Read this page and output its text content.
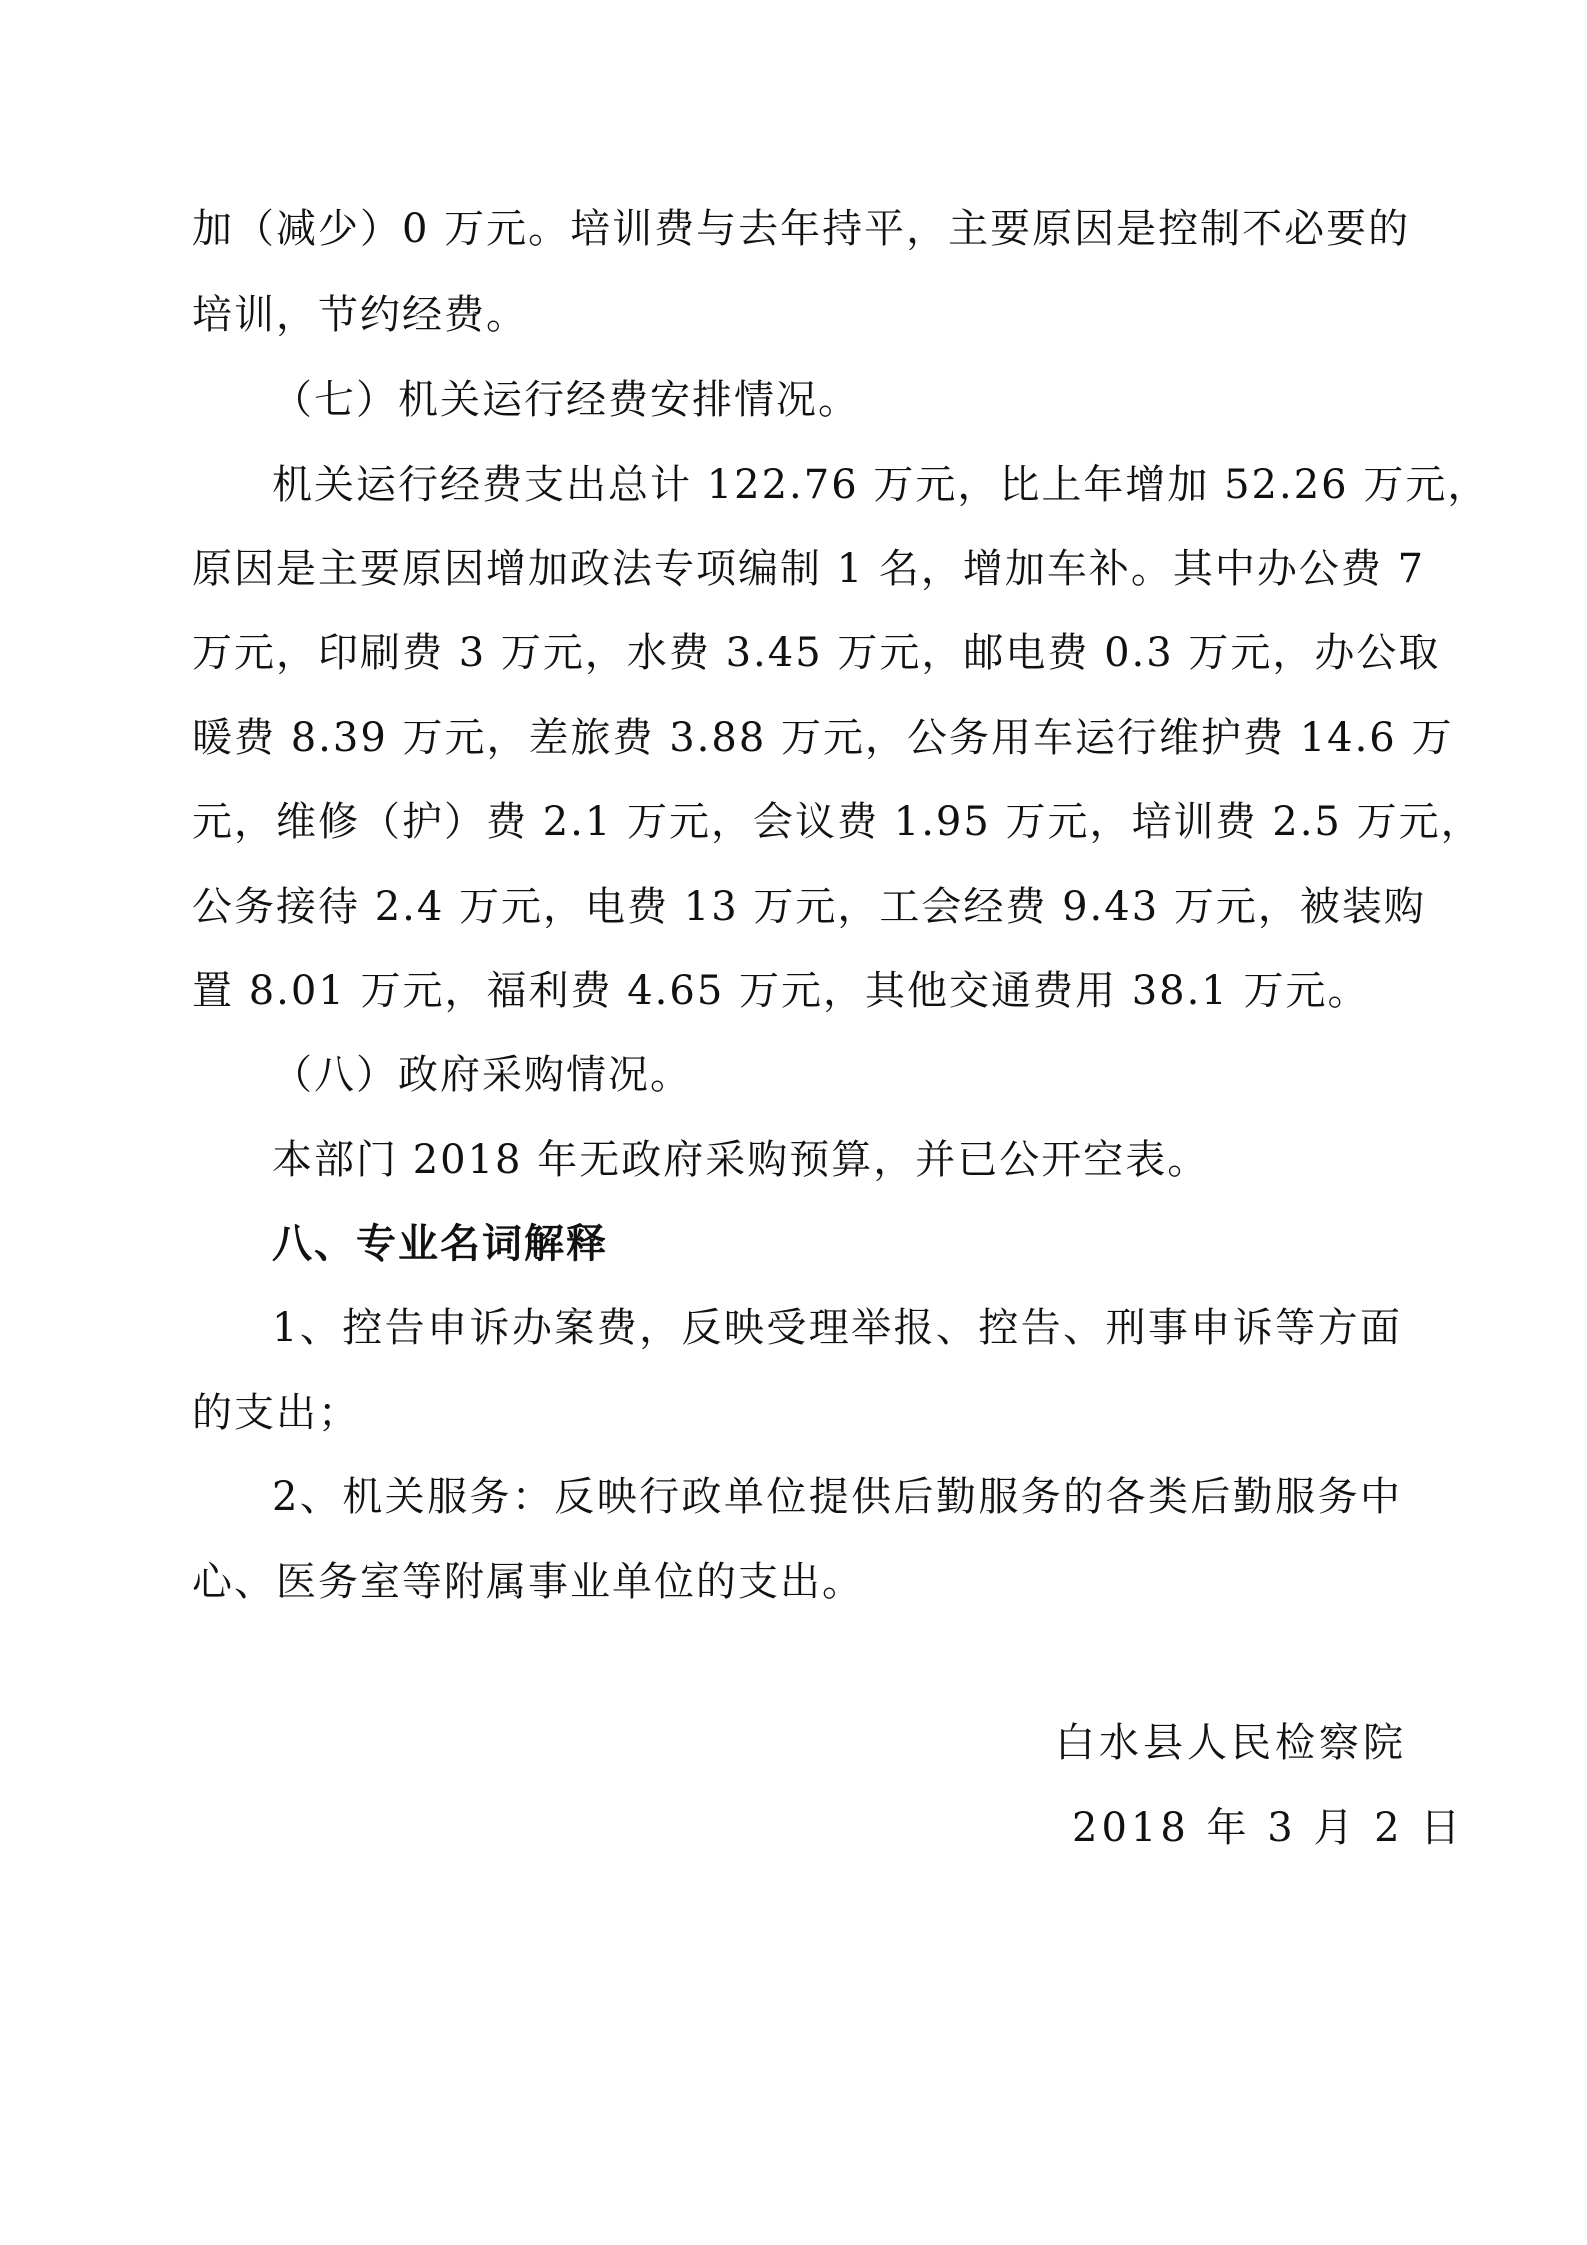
加（减少）0 万元。培训费与去年持平，主要原因是控制不必要的
培训，节约经费。
（七）机关运行经费安排情况。
机关运行经费支出总计 122.76 万元，比上年增加 52.26 万元，
原因是主要原因增加政法专项编制 1 名，增加车补。其中办公费 7
万元，印刷费 3 万元，水费 3.45 万元，邮电费 0.3 万元，办公取
暖费 8.39 万元，差旅费 3.88 万元，公务用车运行维护费 14.6 万
元，维修（护）费 2.1 万元，会议费 1.95 万元，培训费 2.5 万元，
公务接待 2.4 万元，电费 13 万元，工会经费 9.43 万元，被装购
置 8.01 万元，福利费 4.65 万元，其他交通费用 38.1 万元。
（八）政府采购情况。
本部门 2018 年无政府采购预算，并已公开空表。
八、专业名词解释
1、控告申诉办案费，反映受理举报、控告、刑事申诉等方面
的支出；
2、机关服务：反映行政单位提供后勤服务的各类后勤服务中
心、医务室等附属事业单位的支出。
白水县人民检察院
2018 年 3 月 2 日
